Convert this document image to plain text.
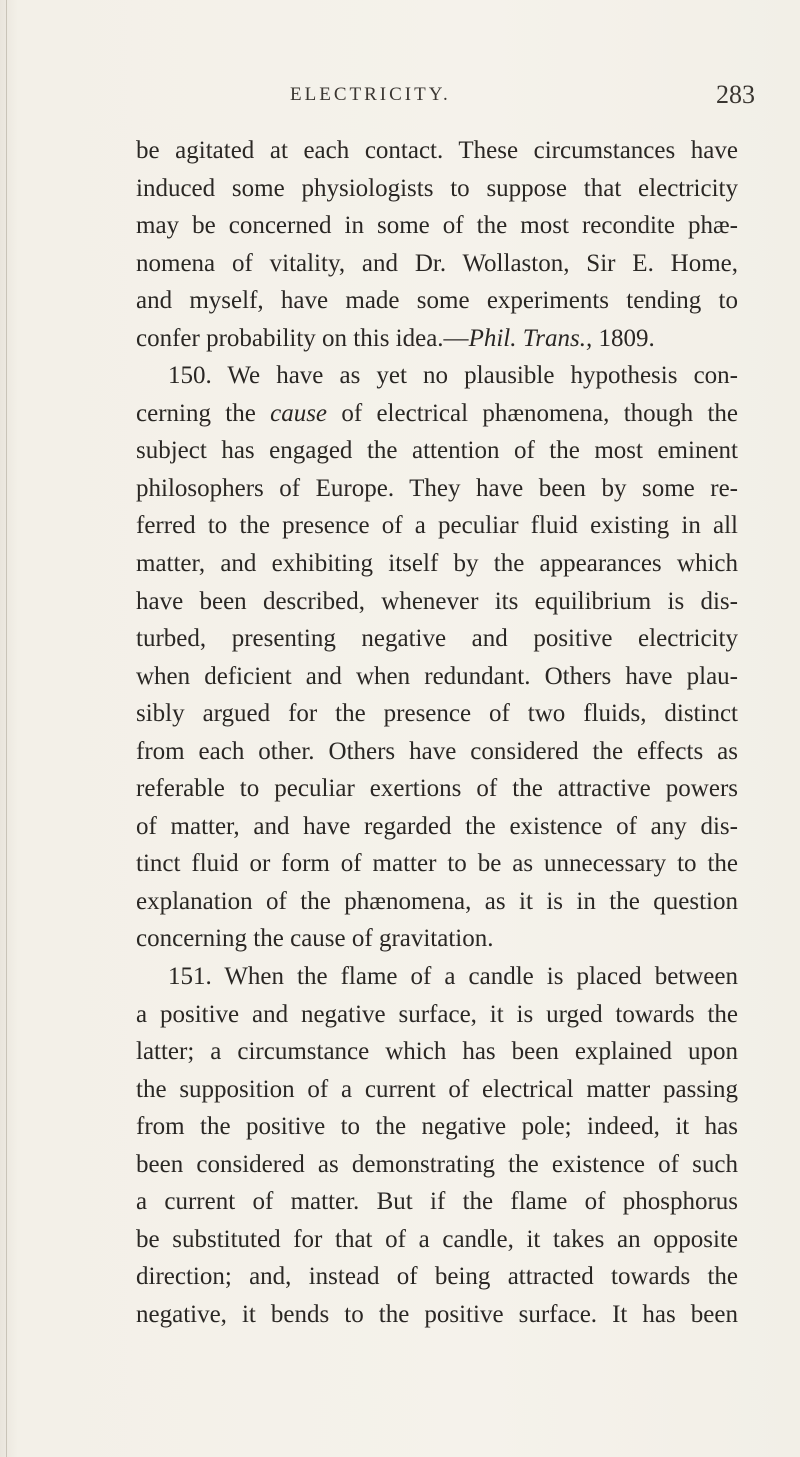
ELECTRICITY.	283
be agitated at each contact. These circumstances have
induced some physiologists to suppose that electricity
may be concerned in some of the most recondite phæ-
nomena of vitality, and Dr. Wollaston, Sir E. Home,
and myself, have made some experiments tending to
confer probability on this idea.—Phil. Trans., 1809.
150. We have as yet no plausible hypothesis con-
cerning the cause of electrical phænomena, though the
subject has engaged the attention of the most eminent
philosophers of Europe. They have been by some re-
ferred to the presence of a peculiar fluid existing in all
matter, and exhibiting itself by the appearances which
have been described, whenever its equilibrium is dis-
turbed, presenting negative and positive electricity
when deficient and when redundant. Others have plau-
sibly argued for the presence of two fluids, distinct
from each other. Others have considered the effects as
referable to peculiar exertions of the attractive powers
of matter, and have regarded the existence of any dis-
tinct fluid or form of matter to be as unnecessary to the
explanation of the phænomena, as it is in the question
concerning the cause of gravitation.
151. When the flame of a candle is placed between
a positive and negative surface, it is urged towards the
latter; a circumstance which has been explained upon
the supposition of a current of electrical matter passing
from the positive to the negative pole; indeed, it has
been considered as demonstrating the existence of such
a current of matter. But if the flame of phosphorus
be substituted for that of a candle, it takes an opposite
direction; and, instead of being attracted towards the
negative, it bends to the positive surface. It has been
